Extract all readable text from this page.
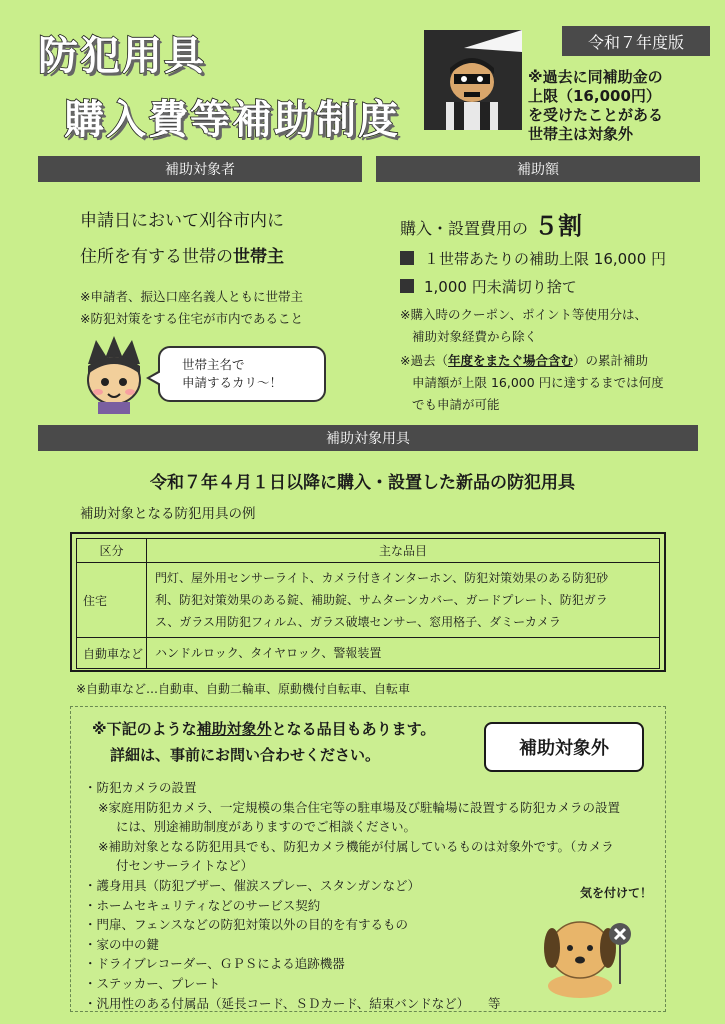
防犯用具
購入費等補助制度
令和７年度版
※過去に同補助金の
上限（16,000円）
を受けたことがある
世帯主は対象外
補助対象者	補助額
申請日において刈谷市内に
住所を有する世帯の世帯主
※申請者、振込口座名義人ともに世帯主
※防犯対策をする住宅が市内であること
世帯主名で
申請するカリ～！
購入・設置費用の ５割
１世帯あたりの補助上限 16,000 円
1,000 円未満切り捨て
※購入時のクーポン、ポイント等使用分は、
補助対象経費から除く
※過去（年度をまたぐ場合含む）の累計補助
申請額が上限 16,000 円に達するまでは何度
でも申請が可能
補助対象用具
令和７年４月１日以降に購入・設置した新品の防犯用具
補助対象となる防犯用具の例
区分	主な品目
住宅	門灯、屋外用センサーライト、カメラ付きインターホン、防犯対策効果のある防犯砂
利、防犯対策効果のある錠、補助錠、サムターンカバー、ガードプレート、防犯ガラ
ス、ガラス用防犯フィルム、ガラス破壊センサー、窓用格子、ダミーカメラ

自動車など	ハンドルロック、タイヤロック、警報装置
※自動車など…自動車、自動二輪車、原動機付自転車、自転車
※下記のような補助対象外となる品目もあります。
詳細は、事前にお問い合わせください。	補助対象外
・防犯カメラの設置
※家庭用防犯カメラ、一定規模の集合住宅等の駐車場及び駐輪場に設置する防犯カメラの設置
には、別途補助制度がありますのでご相談ください。
※補助対象となる防犯用具でも、防犯カメラ機能が付属しているものは対象外です。（カメラ
付センサーライトなど）
・護身用具（防犯ブザー、催涙スプレー、スタンガンなど）
・ホームセキュリティなどのサービス契約
・門扉、フェンスなどの防犯対策以外の目的を有するもの
・家の中の鍵
・ドライブレコーダー、ＧＰＳによる追跡機器
・ステッカー、プレート
・汎用性のある付属品（延長コード、ＳＤカード、結束バンドなど）　　等
気を付けて！
